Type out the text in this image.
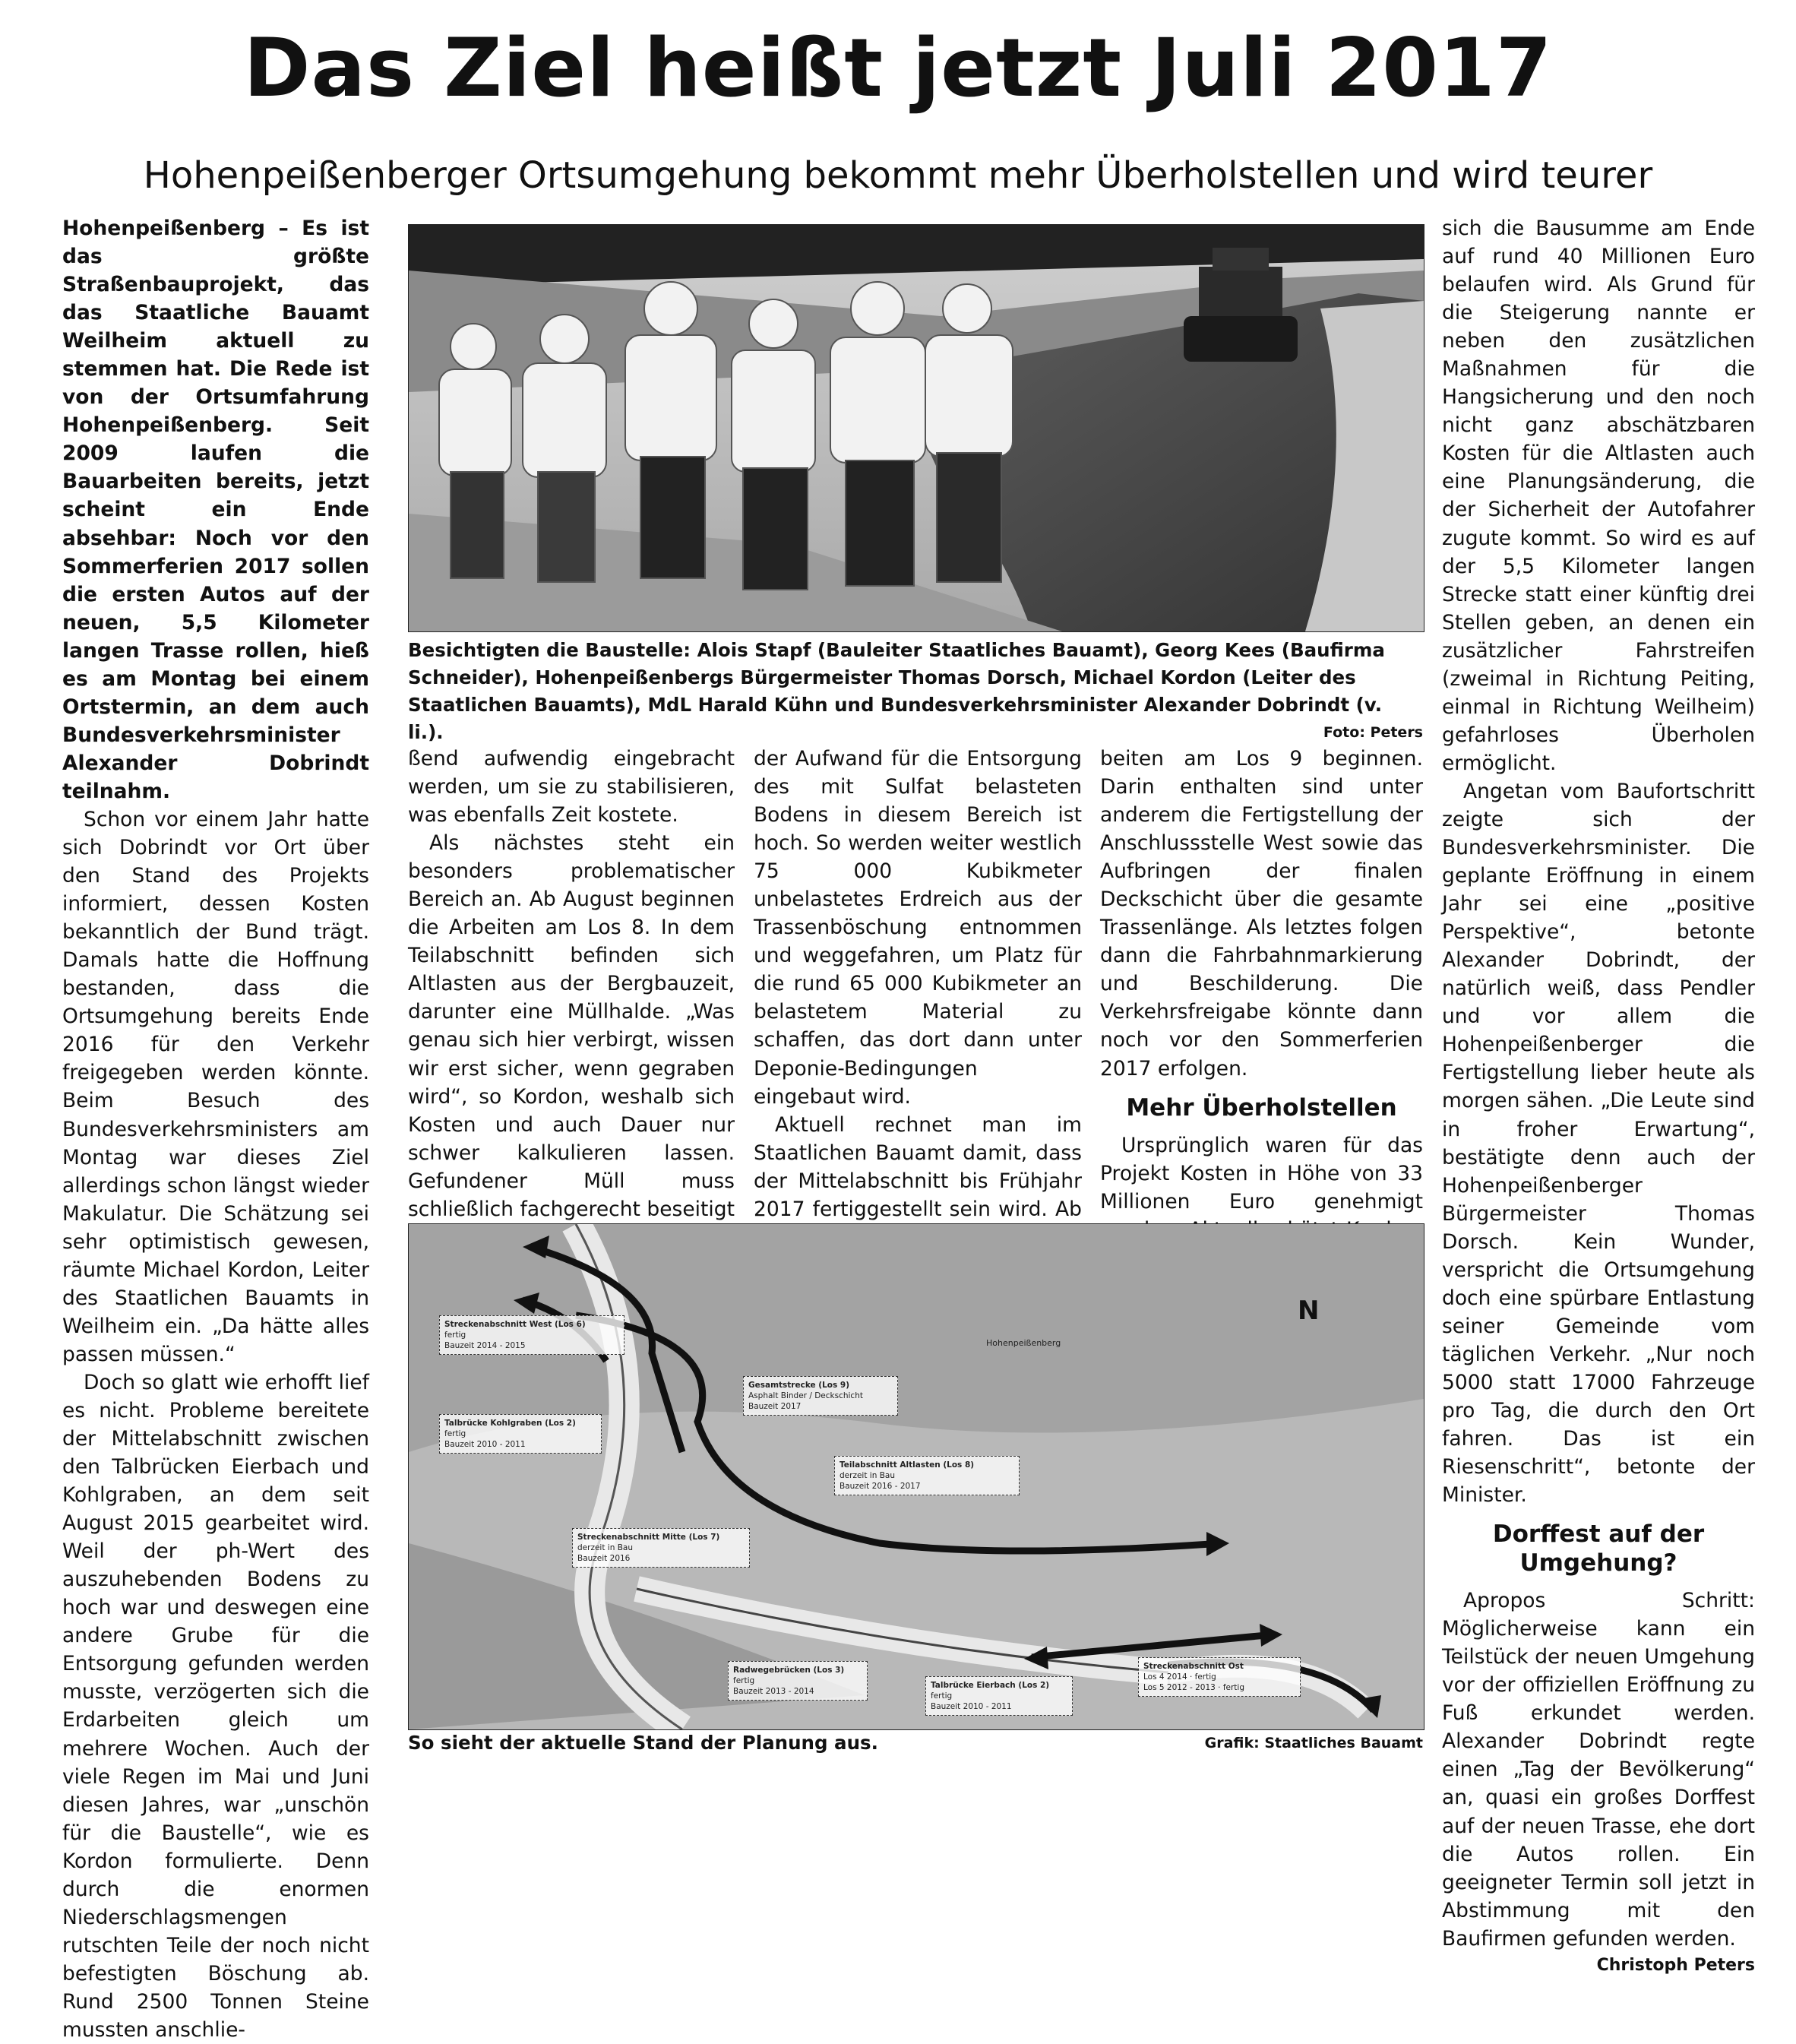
Das Ziel heißt jetzt Juli 2017
Hohenpeißenberger Ortsumgehung bekommt mehr Überholstellen und wird teurer

Hohenpeißenberg – Es ist das größte Straßenbauprojekt, das das Staatliche Bauamt Weilheim aktuell zu stemmen hat. Die Rede ist von der Ortsumfahrung Hohenpeißenberg. Seit 2009 laufen die Bauarbeiten bereits, jetzt scheint ein Ende absehbar: Noch vor den Sommerferien 2017 sollen die ersten Autos auf der neuen, 5,5 Kilometer langen Trasse rollen, hieß es am Montag bei einem Ortstermin, an dem auch Bundesverkehrsminister Alexander Dobrindt teilnahm.

Schon vor einem Jahr hatte sich Dobrindt vor Ort über den Stand des Projekts informiert, dessen Kosten bekanntlich der Bund trägt. Damals hatte die Hoffnung bestanden, dass die Ortsumgehung bereits Ende 2016 für den Verkehr freigegeben werden könnte. Beim Besuch des Bundesverkehrsministers am Montag war dieses Ziel allerdings schon längst wieder Makulatur. Die Schätzung sei sehr optimistisch gewesen, räumte Michael Kordon, Leiter des Staatlichen Bauamts in Weilheim ein. „Da hätte alles passen müssen.“

Doch so glatt wie erhofft lief es nicht. Probleme bereitete der Mittelabschnitt zwischen den Talbrücken Eierbach und Kohlgraben, an dem seit August 2015 gearbeitet wird. Weil der ph-Wert des auszuhebenden Bodens zu hoch war und deswegen eine andere Grube für die Entsorgung gefunden werden musste, verzögerten sich die Erdarbeiten gleich um mehrere Wochen. Auch der viele Regen im Mai und Juni diesen Jahres, war „unschön für die Baustelle“, wie es Kordon formulierte. Denn durch die enormen Niederschlagsmengen rutschten Teile der noch nicht befestigten Böschung ab. Rund 2500 Tonnen Steine mussten anschlie-

Besichtigten die Baustelle: Alois Stapf (Bauleiter Staatliches Bauamt), Georg Kees (Baufirma Schneider), Hohenpeißenbergs Bürgermeister Thomas Dorsch, Michael Kordon (Leiter des Staatlichen Bauamts), MdL Harald Kühn und Bundesverkehrsminister Alexander Dobrindt (v. li.).	Foto: Peters

ßend aufwendig eingebracht werden, um sie zu stabilisieren, was ebenfalls Zeit kostete.

Als nächstes steht ein besonders problematischer Bereich an. Ab August beginnen die Arbeiten am Los 8. In dem Teilabschnitt befinden sich Altlasten aus der Bergbauzeit, darunter eine Müllhalde. „Was genau sich hier verbirgt, wissen wir erst sicher, wenn gegraben wird“, so Kordon, weshalb sich Kosten und auch Dauer nur schwer kalkulieren lassen. Gefundener Müll muss schließlich fachgerecht beseitigt

der Aufwand für die Entsorgung des mit Sulfat belasteten Bodens in diesem Bereich ist hoch. So werden weiter westlich 75 000 Kubikmeter unbelastetes Erdreich aus der Trassenböschung entnommen und weggefahren, um Platz für die rund 65 000 Kubikmeter an belastetem Material zu schaffen, das dort dann unter Deponie-Bedingungen eingebaut wird.

Aktuell rechnet man im Staatlichen Bauamt damit, dass der Mittelabschnitt bis Frühjahr 2017 fertiggestellt sein wird. Ab

beiten am Los 9 beginnen. Darin enthalten sind unter anderem die Fertigstellung der Anschlussstelle West sowie das Aufbringen der finalen Deckschicht über die gesamte Trassenlänge. Als letztes folgen dann die Fahrbahnmarkierung und Beschilderung. Die Verkehrsfreigabe könnte dann noch vor den Sommerferien 2017 erfolgen.

Mehr Überholstellen

Ursprünglich waren für das Projekt Kosten in Höhe von 33 Millionen Euro genehmigt

N
Hohenpeißenberg
Streckenabschnitt West (Los 6)
fertig
Bauzeit 2014 - 2015
Gesamtstrecke (Los 9)
Asphalt Binder / Deckschicht
Bauzeit 2017
Talbrücke Kohlgraben (Los 2)
fertig
Bauzeit 2010 - 2011
Teilabschnitt Altlasten (Los 8)
derzeit in Bau
Bauzeit 2016 - 2017
Streckenabschnitt Mitte (Los 7)
derzeit in Bau
Bauzeit 2016
Radwegebrücken (Los 3)
fertig
Bauzeit 2013 - 2014
Talbrücke Eierbach (Los 2)
fertig
Bauzeit 2010 - 2011
Streckenabschnitt Ost
Los 4 2014 · fertig
Los 5 2012 - 2013 · fertig
So sieht der aktuelle Stand der Planung aus.	Grafik: Staatliches Bauamt

sich die Bausumme am Ende auf rund 40 Millionen Euro belaufen wird. Als Grund für die Steigerung nannte er neben den zusätzlichen Maßnahmen für die Hangsicherung und den noch nicht ganz abschätzbaren Kosten für die Altlasten auch eine Planungsänderung, die der Sicherheit der Autofahrer zugute kommt. So wird es auf der 5,5 Kilometer langen Strecke statt einer künftig drei Stellen geben, an denen ein zusätzlicher Fahrstreifen (zweimal in Richtung Peiting, einmal in Richtung Weilheim) gefahrloses Überholen ermöglicht.

Angetan vom Baufortschritt zeigte sich der Bundesverkehrsminister. Die geplante Eröffnung in einem Jahr sei eine „positive Perspektive“, betonte Alexander Dobrindt, der natürlich weiß, dass Pendler und vor allem die Hohenpeißenberger die Fertigstellung lieber heute als morgen sähen. „Die Leute sind in froher Erwartung“, bestätigte denn auch der Hohenpeißenberger Bürgermeister Thomas Dorsch. Kein Wunder, verspricht die Ortsumgehung doch eine spürbare Entlastung seiner Gemeinde vom täglichen Verkehr. „Nur noch 5000 statt 17000 Fahrzeuge pro Tag, die durch den Ort fahren. Das ist ein Riesenschritt“, betonte der Minister.

Dorffest auf der Umgehung?

Apropos Schritt: Möglicherweise kann ein Teilstück der neuen Umgehung vor der offiziellen Eröffnung zu Fuß erkundet werden. Alexander Dobrindt regte einen „Tag der Bevölkerung“ an, quasi ein großes Dorffest auf der neuen Trasse, ehe dort die Autos rollen. Ein geeigneter Termin soll jetzt in Abstimmung mit den Baufirmen gefunden werden.

Christoph Peters
